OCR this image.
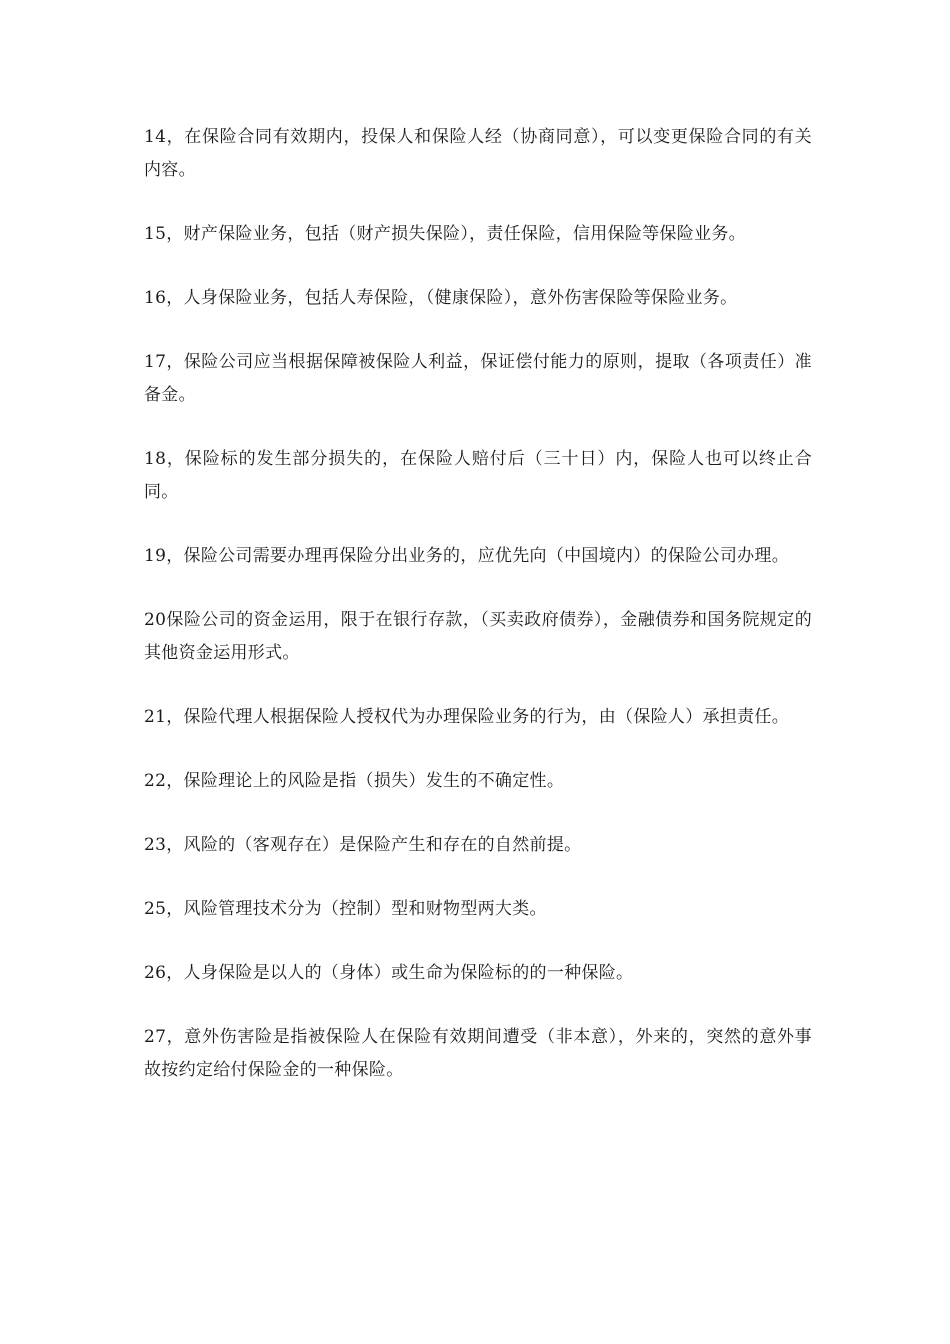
14，在保险合同有效期内，投保人和保险人经（协商同意），可以变更保险合同的有关内容。

15，财产保险业务，包括（财产损失保险），责任保险，信用保险等保险业务。

16，人身保险业务，包括人寿保险，（健康保险），意外伤害保险等保险业务。

17，保险公司应当根据保障被保险人利益，保证偿付能力的原则，提取（各项责任）准备金。

18，保险标的发生部分损失的，在保险人赔付后（三十日）内，保险人也可以终止合同。

19，保险公司需要办理再保险分出业务的，应优先向（中国境内）的保险公司办理。

20保险公司的资金运用，限于在银行存款，（买卖政府债券），金融债券和国务院规定的其他资金运用形式。

21，保险代理人根据保险人授权代为办理保险业务的行为，由（保险人）承担责任。

22，保险理论上的风险是指（损失）发生的不确定性。

23，风险的（客观存在）是保险产生和存在的自然前提。

25，风险管理技术分为（控制）型和财物型两大类。

26，人身保险是以人的（身体）或生命为保险标的的一种保险。

27，意外伤害险是指被保险人在保险有效期间遭受（非本意），外来的，突然的意外事故按约定给付保险金的一种保险。
